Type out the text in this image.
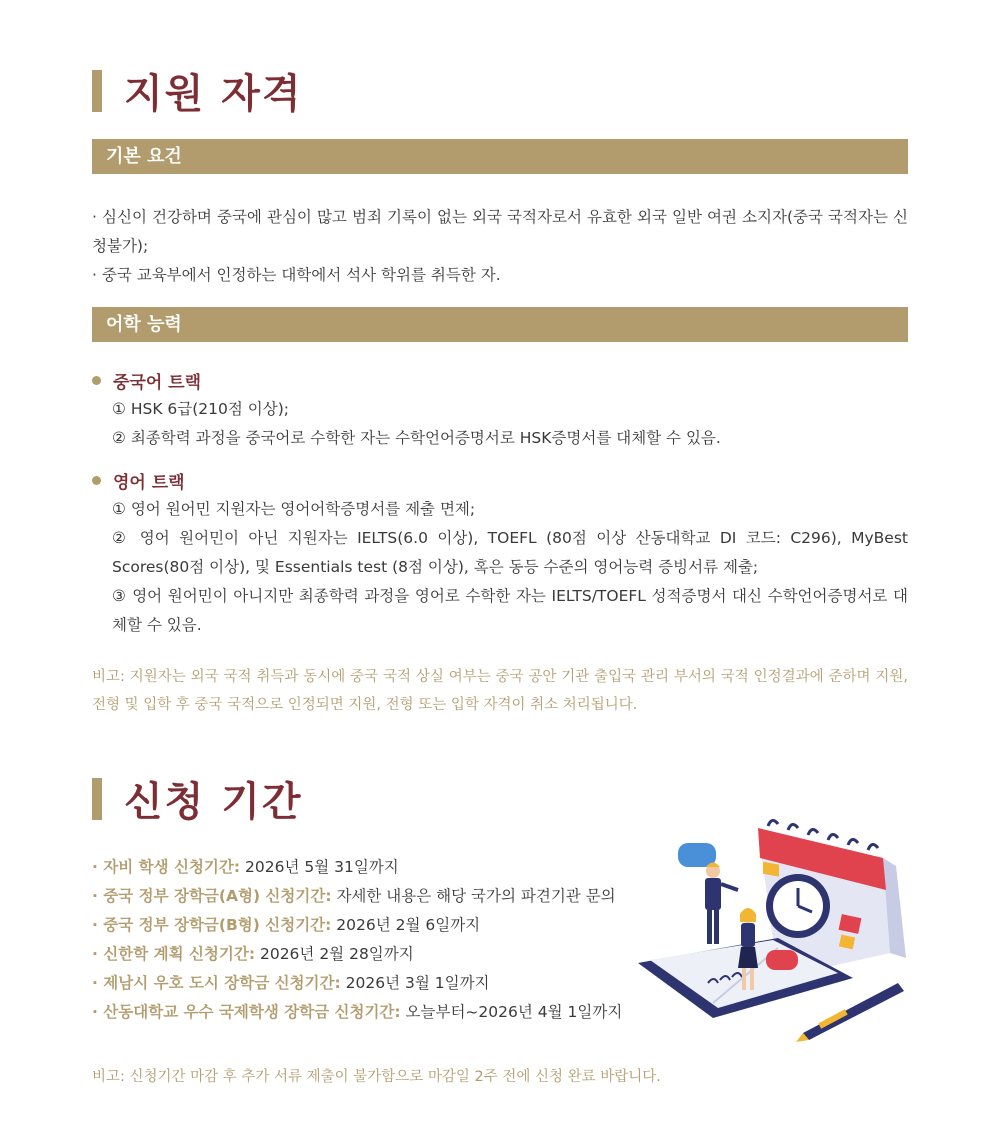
지원 자격
기본 요건
· 심신이 건강하며 중국에 관심이 많고 범죄 기록이 없는 외국 국적자로서 유효한 외국 일반 여권 소지자(중국 국적자는 신청불가);
· 중국 교육부에서 인정하는 대학에서 석사 학위를 취득한 자.
어학 능력
중국어 트랙
① HSK 6급(210점 이상);
② 최종학력 과정을 중국어로 수학한 자는 수학언어증명서로 HSK증명서를 대체할 수 있음.
영어 트랙
① 영어 원어민 지원자는 영어어학증명서를 제출 면제;
② 영어 원어민이 아닌 지원자는 IELTS(6.0 이상), TOEFL (80점 이상 산동대학교 DI 코드: C296), MyBest Scores(80점 이상), 및 Essentials test (8점 이상), 혹은 동등 수준의 영어능력 증빙서류 제출;
③ 영어 원어민이 아니지만 최종학력 과정을 영어로 수학한 자는 IELTS/TOEFL 성적증명서 대신 수학언어증명서로 대체할 수 있음.
비고: 지원자는 외국 국적 취득과 동시에 중국 국적 상실 여부는 중국 공안 기관 출입국 관리 부서의 국적 인정결과에 준하며 지원, 전형 및 입학 후 중국 국적으로 인정되면 지원, 전형 또는 입학 자격이 취소 처리됩니다.
신청 기간
· 자비 학생 신청기간: 2026년 5월 31일까지
· 중국 정부 장학금(A형) 신청기간: 자세한 내용은 해당 국가의 파견기관 문의
· 중국 정부 장학금(B형) 신청기간: 2026년 2월 6일까지
· 신한학 계획 신청기간: 2026년 2월 28일까지
· 제남시 우호 도시 장학금 신청기간: 2026년 3월 1일까지
· 산동대학교 우수 국제학생 장학금 신청기간: 오늘부터~2026년 4월 1일까지
비고: 신청기간 마감 후 추가 서류 제출이 불가함으로 마감일 2주 전에 신청 완료 바랍니다.
